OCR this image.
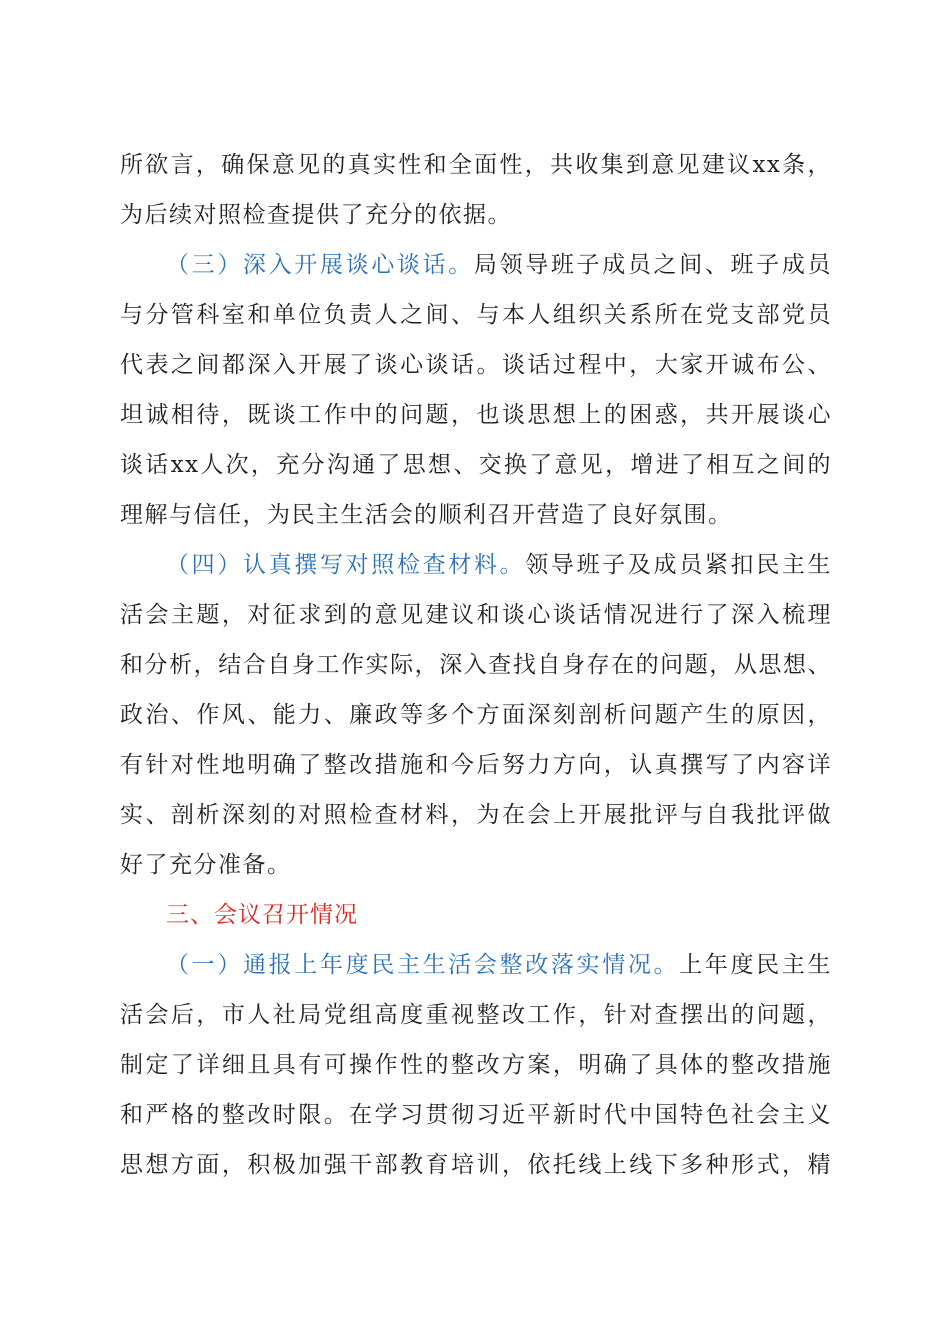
所欲言，确保意见的真实性和全面性，共收集到意见建议xx条，
为后续对照检查提供了充分的依据。
（三）深入开展谈心谈话。局领导班子成员之间、班子成员
与分管科室和单位负责人之间、与本人组织关系所在党支部党员
代表之间都深入开展了谈心谈话。谈话过程中，大家开诚布公、
坦诚相待，既谈工作中的问题，也谈思想上的困惑，共开展谈心
谈话xx人次，充分沟通了思想、交换了意见，增进了相互之间的
理解与信任，为民主生活会的顺利召开营造了良好氛围。
（四）认真撰写对照检查材料。领导班子及成员紧扣民主生
活会主题，对征求到的意见建议和谈心谈话情况进行了深入梳理
和分析，结合自身工作实际，深入查找自身存在的问题，从思想、
政治、作风、能力、廉政等多个方面深刻剖析问题产生的原因，
有针对性地明确了整改措施和今后努力方向，认真撰写了内容详
实、剖析深刻的对照检查材料，为在会上开展批评与自我批评做
好了充分准备。
三、会议召开情况
（一）通报上年度民主生活会整改落实情况。上年度民主生
活会后，市人社局党组高度重视整改工作，针对查摆出的问题，
制定了详细且具有可操作性的整改方案，明确了具体的整改措施
和严格的整改时限。在学习贯彻习近平新时代中国特色社会主义
思想方面，积极加强干部教育培训，依托线上线下多种形式，精
